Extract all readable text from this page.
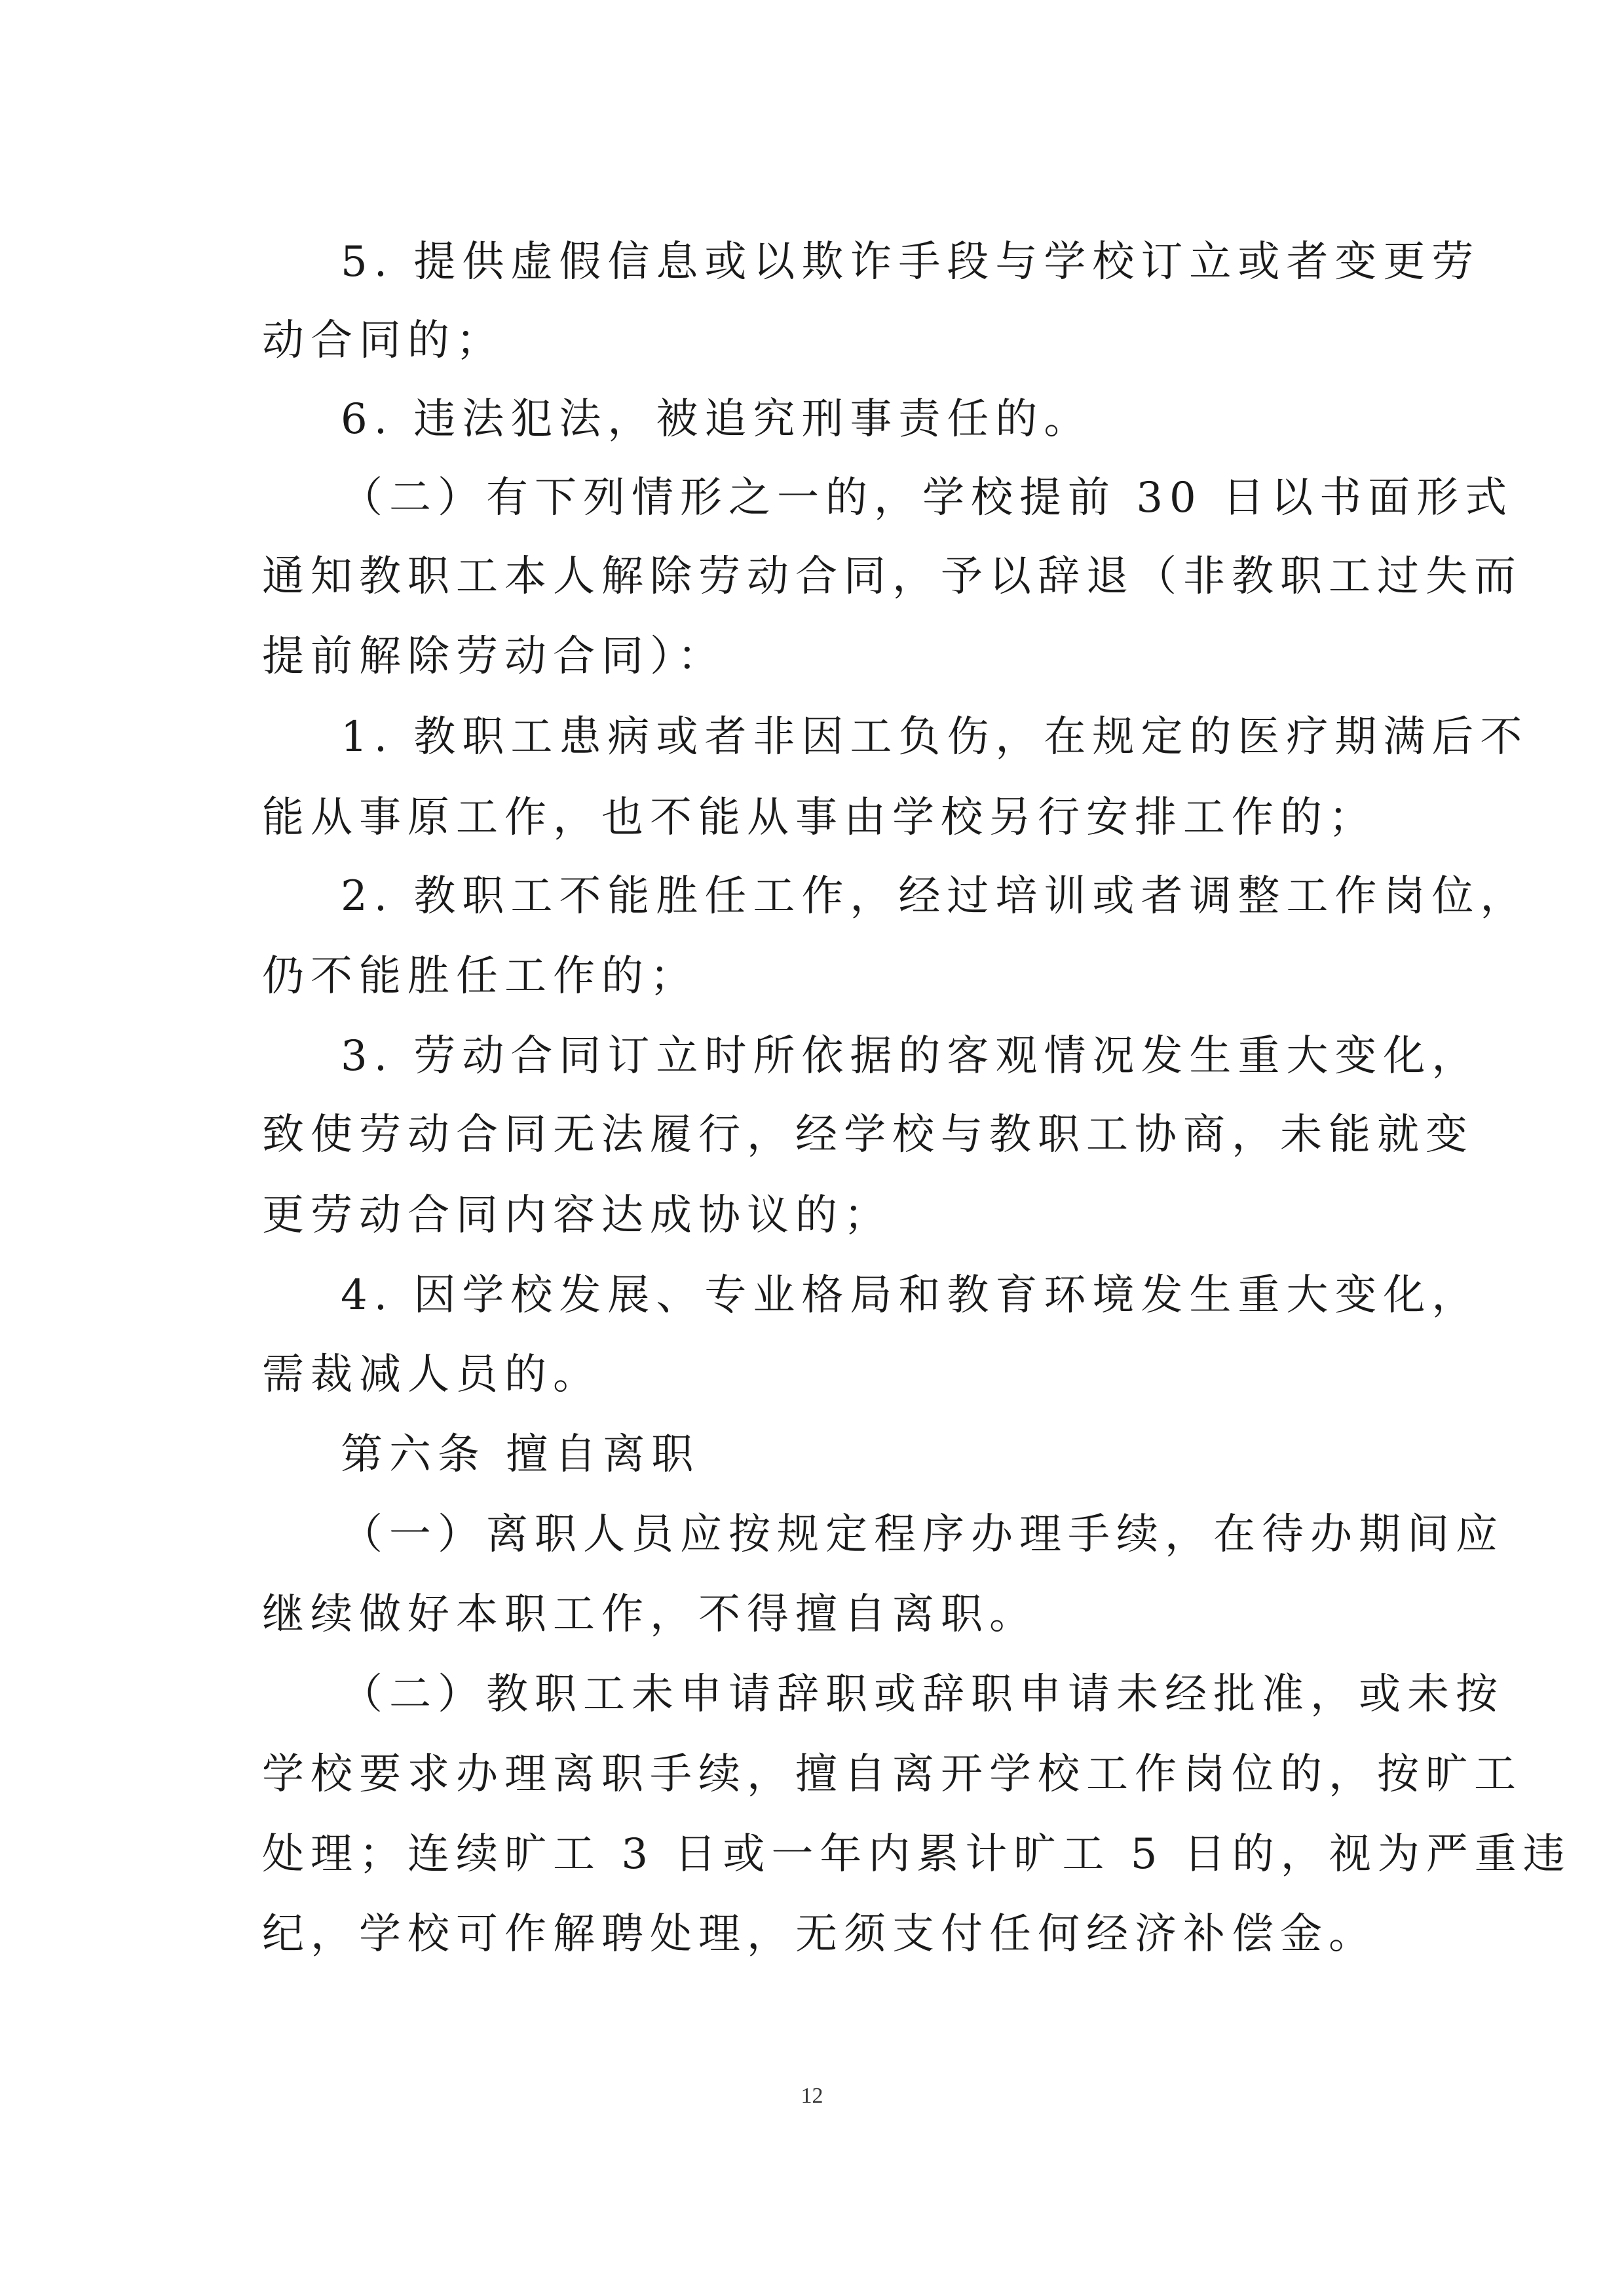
5. 提供虚假信息或以欺诈手段与学校订立或者变更劳
动合同的；
6. 违法犯法，被追究刑事责任的。
（二）有下列情形之一的，学校提前 30 日以书面形式
通知教职工本人解除劳动合同，予以辞退（非教职工过失而
提前解除劳动合同）：
1. 教职工患病或者非因工负伤，在规定的医疗期满后不
能从事原工作，也不能从事由学校另行安排工作的；
2. 教职工不能胜任工作，经过培训或者调整工作岗位，
仍不能胜任工作的；
3. 劳动合同订立时所依据的客观情况发生重大变化，
致使劳动合同无法履行，经学校与教职工协商，未能就变
更劳动合同内容达成协议的；
4. 因学校发展、专业格局和教育环境发生重大变化，
需裁减人员的。
第六条 擅自离职
（一）离职人员应按规定程序办理手续，在待办期间应
继续做好本职工作，不得擅自离职。
（二）教职工未申请辞职或辞职申请未经批准，或未按
学校要求办理离职手续，擅自离开学校工作岗位的，按旷工
处理；连续旷工 3 日或一年内累计旷工 5 日的，视为严重违
纪，学校可作解聘处理，无须支付任何经济补偿金。
12
